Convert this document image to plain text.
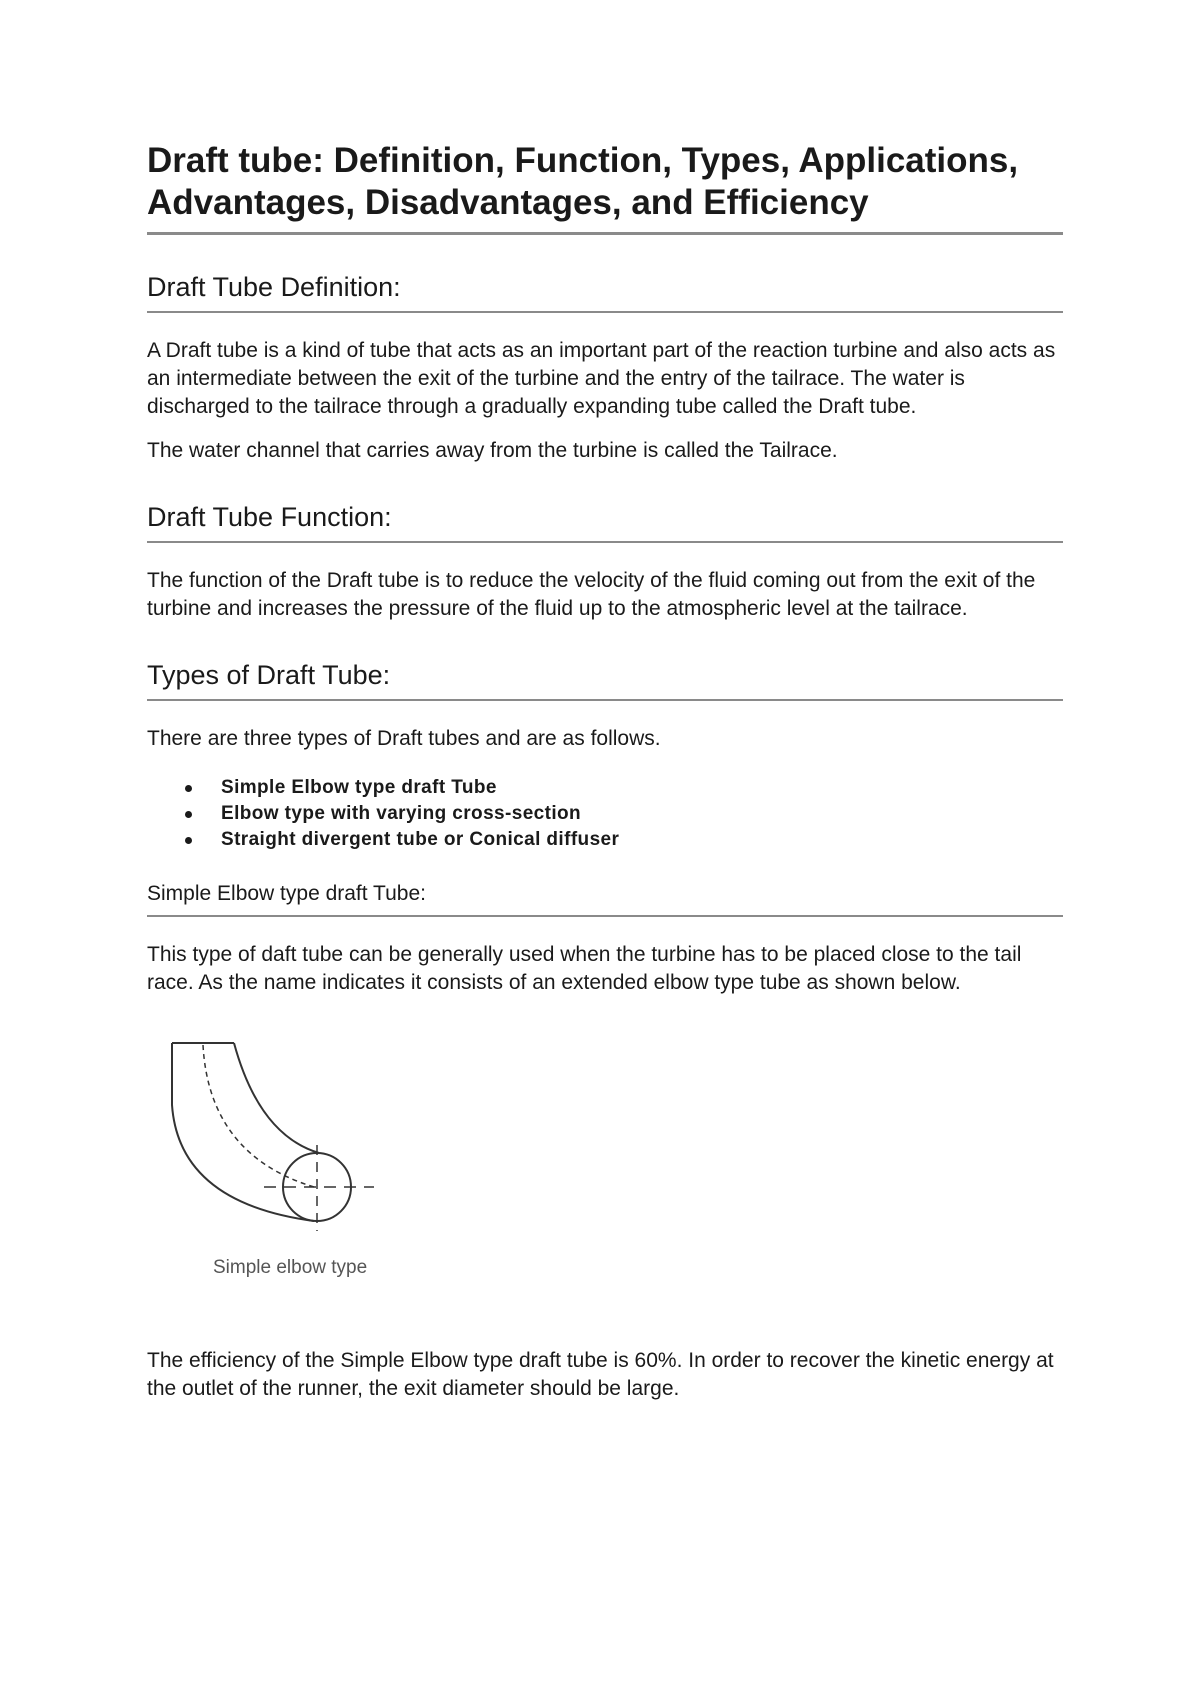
Draft tube: Definition, Function, Types, Applications, Advantages, Disadvantages, and Efficiency
Draft Tube Definition:

A Draft tube is a kind of tube that acts as an important part of the reaction turbine and also acts as an intermediate between the exit of the turbine and the entry of the tailrace. The water is discharged to the tailrace through a gradually expanding tube called the Draft tube.

The water channel that carries away from the turbine is called the Tailrace.

Draft Tube Function:

The function of the Draft tube is to reduce the velocity of the fluid coming out from the exit of the turbine and increases the pressure of the fluid up to the atmospheric level at the tailrace.

Types of Draft Tube:

There are three types of Draft tubes and are as follows.

Simple Elbow type draft Tube
Elbow type with varying cross-section
Straight divergent tube or Conical diffuser
Simple Elbow type draft Tube:

This type of daft tube can be generally used when the turbine has to be placed close to the tail race. As the name indicates it consists of an extended elbow type tube as shown below.

Simple elbow type

The efficiency of the Simple Elbow type draft tube is 60%. In order to recover the kinetic energy at the outlet of the runner, the exit diameter should be large.
